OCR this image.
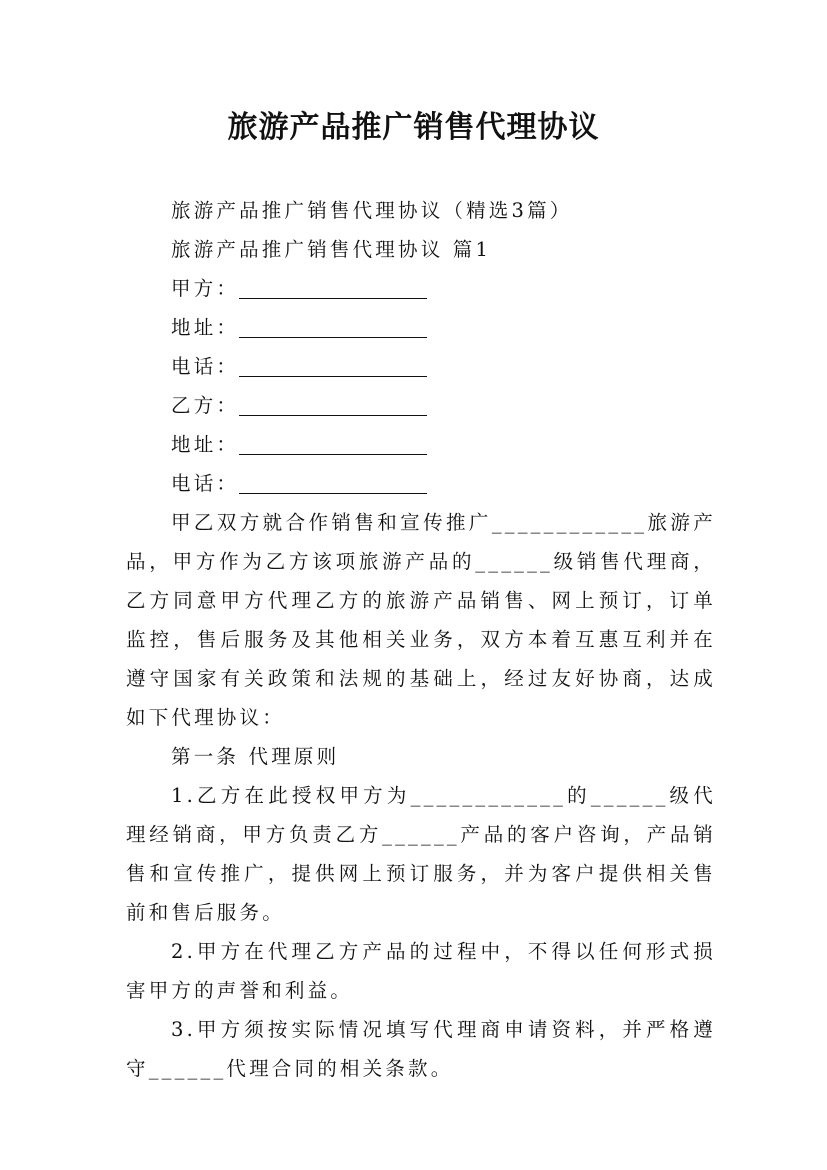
旅游产品推广销售代理协议
旅游产品推广销售代理协议（精选3篇）
旅游产品推广销售代理协议 篇1
甲方：
地址：
电话：
乙方：
地址：
电话：
甲乙双方就合作销售和宣传推广____________旅游产品，甲方作为乙方该项旅游产品的______级销售代理商，乙方同意甲方代理乙方的旅游产品销售、网上预订，订单监控，售后服务及其他相关业务，双方本着互惠互利并在遵守国家有关政策和法规的基础上，经过友好协商，达成如下代理协议：
第一条 代理原则
1.乙方在此授权甲方为____________的______级代理经销商，甲方负责乙方______产品的客户咨询，产品销售和宣传推广，提供网上预订服务，并为客户提供相关售前和售后服务。
2.甲方在代理乙方产品的过程中，不得以任何形式损害甲方的声誉和利益。
3.甲方须按实际情况填写代理商申请资料，并严格遵守______代理合同的相关条款。
